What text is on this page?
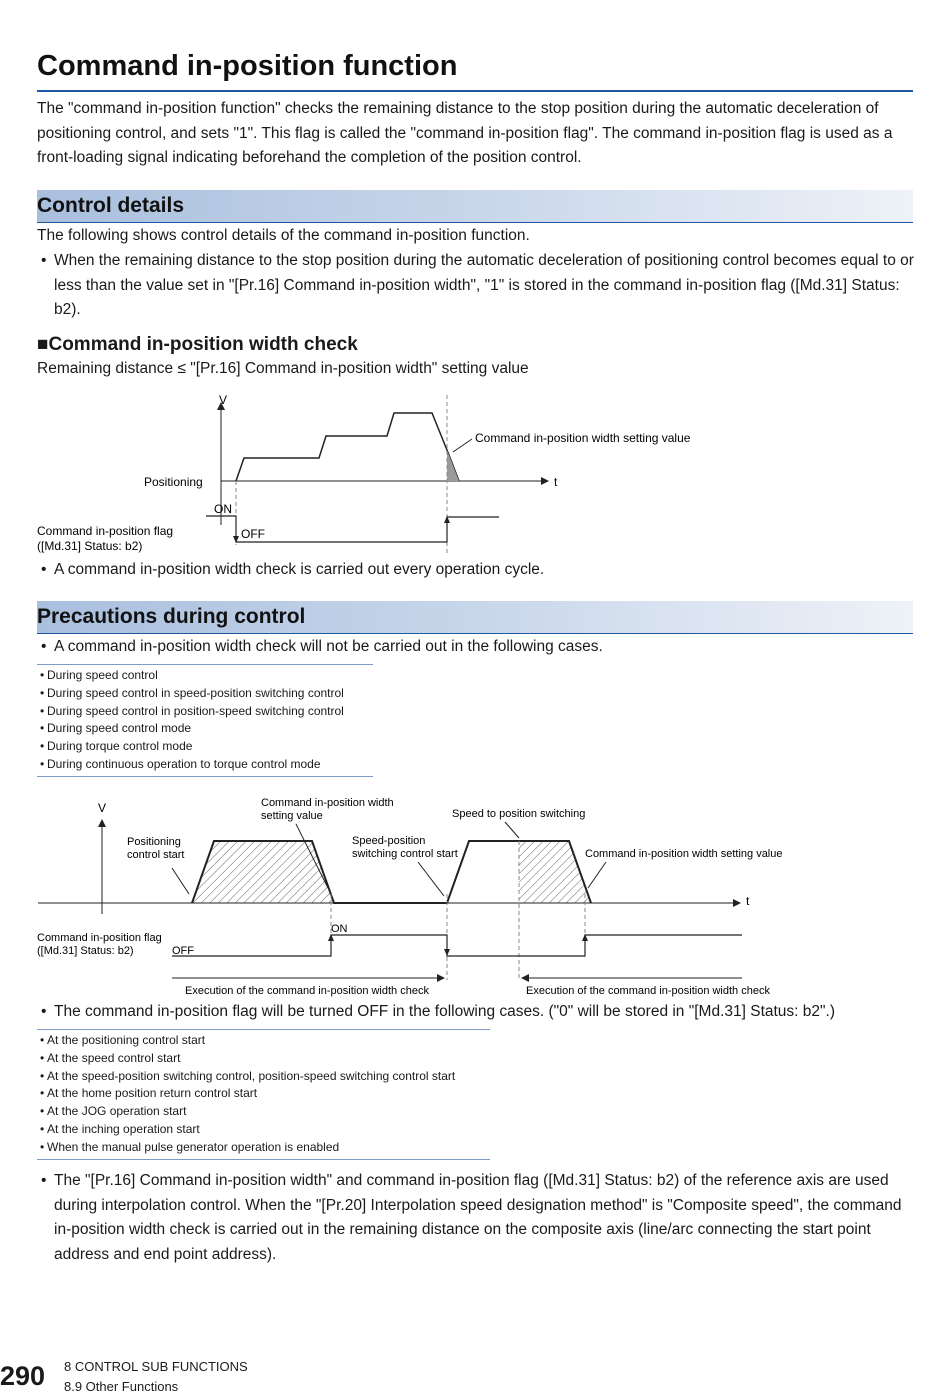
Command in-position function

The "command in-position function" checks the remaining distance to the stop position during the automatic deceleration of positioning control, and sets "1". This flag is called the "command in-position flag". The command in-position flag is used as a front-loading signal indicating beforehand the completion of the position control.

Control details
The following shows control details of the command in-position function.
• When the remaining distance to the stop position during the automatic deceleration of positioning control becomes equal to or less than the value set in "[Pr.16] Command in-position width", "1" is stored in the command in-position flag ([Md.31] Status: b2).
■Command in-position width check
Remaining distance ≤ "[Pr.16] Command in-position width" setting value
V
t
Command in-position width setting value
Positioning
ON
OFF
Command in-position flag
([Md.31] Status: b2)
• A command in-position width check is carried out every operation cycle.
Precautions during control
• A command in-position width check will not be carried out in the following cases.
• During speed control
• During speed control in speed-position switching control
• During speed control in position-speed switching control
• During speed control mode
• During torque control mode
• During continuous operation to torque control mode
V
t
Positioning
control start
Command in-position width
setting value
Speed-position
switching control start
Speed to position switching
Command in-position width setting value
ON
OFF
Command in-position flag
([Md.31] Status: b2)
Execution of the command in-position width check	Execution of the command in-position width check
• The command in-position flag will be turned OFF in the following cases. ("0" will be stored in "[Md.31] Status: b2".)
• At the positioning control start
• At the speed control start
• At the speed-position switching control, position-speed switching control start
• At the home position return control start
• At the JOG operation start
• At the inching operation start
• When the manual pulse generator operation is enabled
• The "[Pr.16] Command in-position width" and command in-position flag ([Md.31] Status: b2) of the reference axis are used during interpolation control. When the "[Pr.20] Interpolation speed designation method" is "Composite speed", the command in-position width check is carried out in the remaining distance on the composite axis (line/arc connecting the start point address and end point address).
290 8 CONTROL SUB FUNCTIONS
8.9 Other Functions
